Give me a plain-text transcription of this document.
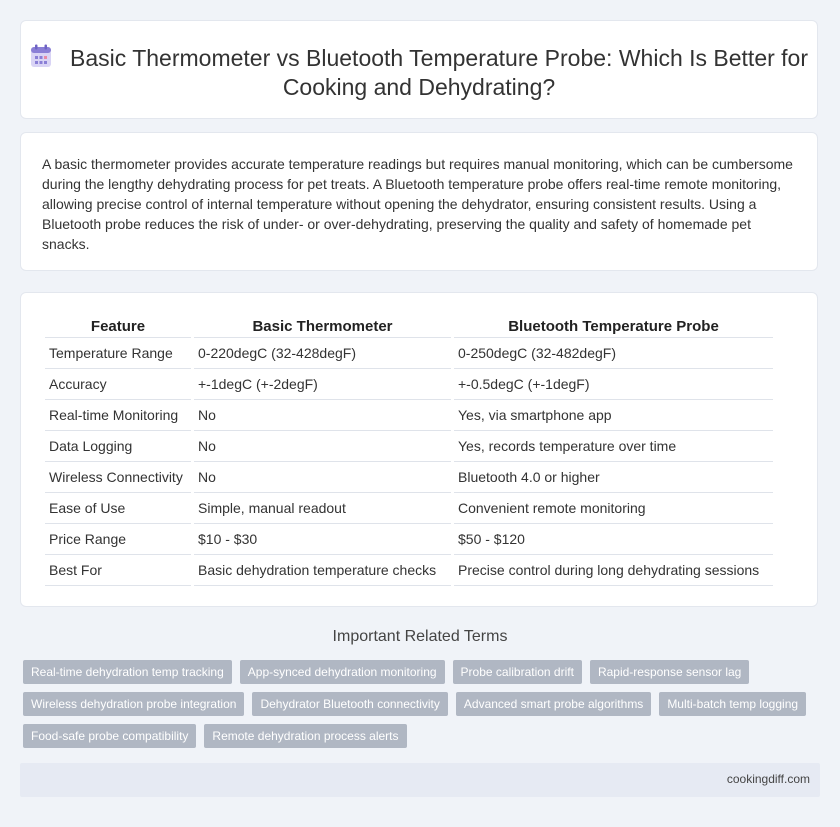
Basic Thermometer vs Bluetooth Temperature Probe: Which Is Better for Cooking and Dehydrating?

A basic thermometer provides accurate temperature readings but requires manual monitoring, which can be cumbersome during the lengthy dehydrating process for pet treats. A Bluetooth temperature probe offers real-time remote monitoring, allowing precise control of internal temperature without opening the dehydrator, ensuring consistent results. Using a Bluetooth probe reduces the risk of under- or over-dehydrating, preserving the quality and safety of homemade pet snacks.

Feature	Basic Thermometer	Bluetooth Temperature Probe
Temperature Range	0-220degC (32-428degF)	0-250degC (32-482degF)
Accuracy	+-1degC (+-2degF)	+-0.5degC (+-1degF)
Real-time Monitoring	No	Yes, via smartphone app
Data Logging	No	Yes, records temperature over time
Wireless Connectivity	No	Bluetooth 4.0 or higher
Ease of Use	Simple, manual readout	Convenient remote monitoring
Price Range	$10 - $30	$50 - $120
Best For	Basic dehydration temperature checks	Precise control during long dehydrating sessions
Important Related Terms
Real-time dehydration temp tracking	App-synced dehydration monitoring	Probe calibration drift	Rapid-response sensor lag
Wireless dehydration probe integration	Dehydrator Bluetooth connectivity	Advanced smart probe algorithms	Multi-batch temp logging
Food-safe probe compatibility	Remote dehydration process alerts
cookingdiff.com
